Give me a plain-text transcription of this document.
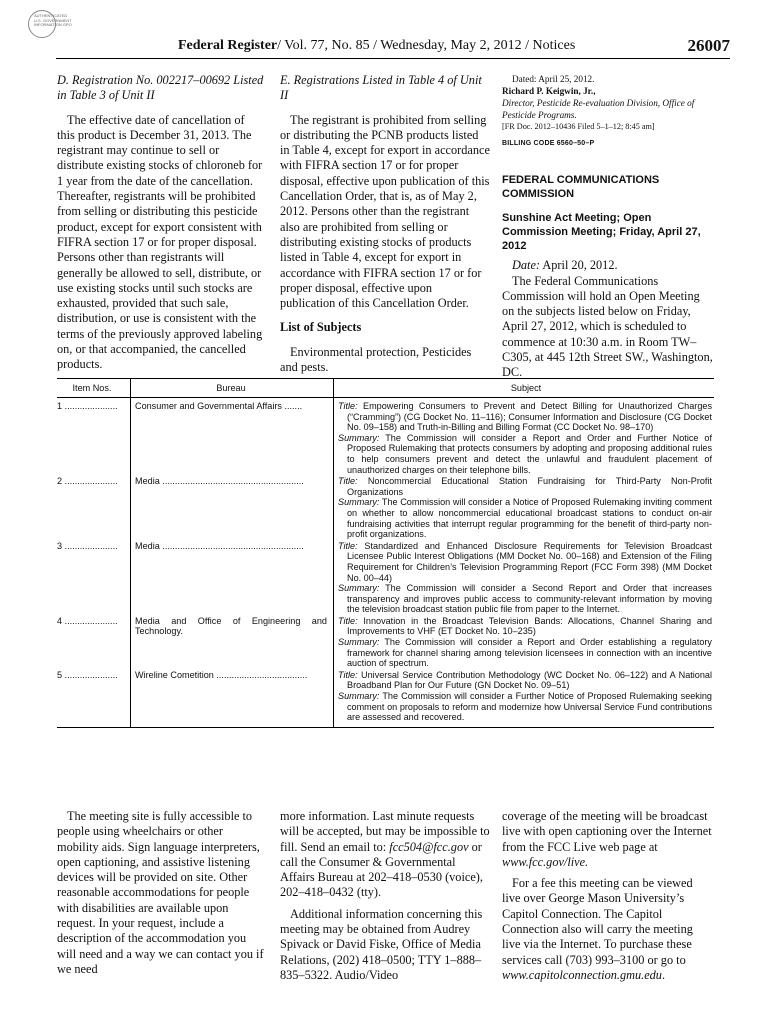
AUTHENTICATED U.S. GOVERNMENT INFORMATION GPO
Federal Register/ Vol. 77, No. 85 / Wednesday, May 2, 2012 / Notices	26007
D. Registration No. 002217–00692 Listed in Table 3 of Unit II

The effective date of cancellation of this product is December 31, 2013. The registrant may continue to sell or distribute existing stocks of chloroneb for 1 year from the date of the cancellation. Thereafter, registrants will be prohibited from selling or distributing this pesticide product, except for export consistent with FIFRA section 17 or for proper disposal. Persons other than registrants will generally be allowed to sell, distribute, or use existing stocks until such stocks are exhausted, provided that such sale, distribution, or use is consistent with the terms of the previously approved labeling on, or that accompanied, the cancelled products.

E. Registrations Listed in Table 4 of Unit II

The registrant is prohibited from selling or distributing the PCNB products listed in Table 4, except for export in accordance with FIFRA section 17 or for proper disposal, effective upon publication of this Cancellation Order, that is, as of May 2, 2012. Persons other than the registrant also are prohibited from selling or distributing existing stocks of products listed in Table 4, except for export in accordance with FIFRA section 17 or for proper disposal, effective upon publication of this Cancellation Order.

List of Subjects

Environmental protection, Pesticides and pests.

Dated: April 25, 2012.
Richard P. Keigwin, Jr.,
Director, Pesticide Re-evaluation Division, Office of Pesticide Programs.
[FR Doc. 2012–10436 Filed 5–1–12; 8:45 am]
BILLING CODE 6560–50–P
FEDERAL COMMUNICATIONS COMMISSION
Sunshine Act Meeting; Open Commission Meeting; Friday, April 27, 2012

Date: April 20, 2012.

The Federal Communications Commission will hold an Open Meeting on the subjects listed below on Friday, April 27, 2012, which is scheduled to commence at 10:30 a.m. in Room TW–C305, at 445 12th Street SW., Washington, DC.

Item Nos.	Bureau	Subject
1 .....................	Consumer and Governmental Affairs .......	Title: Empowering Consumers to Prevent and Detect Billing for Unauthorized Charges (“Cramming”) (CG Docket No. 11–116); Consumer Information and Disclosure (CG Docket No. 09–158) and Truth-in-Billing and Billing Format (CC Docket No. 98–170)
Summary: The Commission will consider a Report and Order and Further Notice of Proposed Rulemaking that protects consumers by adopting and proposing additional rules to help consumers prevent and detect the unlawful and fraudulent placement of unauthorized charges on their telephone bills.
2 .....................	Media ........................................................	Title: Noncommercial Educational Station Fundraising for Third-Party Non-Profit Organizations
Summary: The Commission will consider a Notice of Proposed Rulemaking inviting comment on whether to allow noncommercial educational broadcast stations to conduct on-air fundraising activities that interrupt regular programming for the benefit of third-party non-profit organizations.
3 .....................	Media ........................................................	Title: Standardized and Enhanced Disclosure Requirements for Television Broadcast Licensee Public Interest Obligations (MM Docket No. 00–168) and Extension of the Filing Requirement for Children’s Television Programming Report (FCC Form 398) (MM Docket No. 00–44)
Summary: The Commission will consider a Second Report and Order that increases transparency and improves public access to community-relevant information by moving the television broadcast station public file from paper to the Internet.
4 .....................	Media and Office of Engineering and Technology.
Title: Innovation in the Broadcast Television Bands: Allocations, Channel Sharing and Improvements to VHF (ET Docket No. 10–235)
Summary: The Commission will consider a Report and Order establishing a regulatory framework for channel sharing among television licensees in connection with an incentive auction of spectrum.
5 .....................	Wireline Cometition ....................................	Title: Universal Service Contribution Methodology (WC Docket No. 06–122) and A National Broadband Plan for Our Future (GN Docket No. 09–51)
Summary: The Commission will consider a Further Notice of Proposed Rulemaking seeking comment on proposals to reform and modernize how Universal Service Fund contributions are assessed and recovered.

The meeting site is fully accessible to people using wheelchairs or other mobility aids. Sign language interpreters, open captioning, and assistive listening devices will be provided on site. Other reasonable accommodations for people with disabilities are available upon request. In your request, include a description of the accommodation you will need and a way we can contact you if we need

more information. Last minute requests will be accepted, but may be impossible to fill. Send an email to: fcc504@fcc.gov or call the Consumer & Governmental Affairs Bureau at 202–418–0530 (voice), 202–418–0432 (tty).

Additional information concerning this meeting may be obtained from Audrey Spivack or David Fiske, Office of Media Relations, (202) 418–0500; TTY 1–888–835–5322. Audio/Video

coverage of the meeting will be broadcast live with open captioning over the Internet from the FCC Live web page at www.fcc.gov/live.

For a fee this meeting can be viewed live over George Mason University’s Capitol Connection. The Capitol Connection also will carry the meeting live via the Internet. To purchase these services call (703) 993–3100 or go to www.capitolconnection.gmu.edu.
